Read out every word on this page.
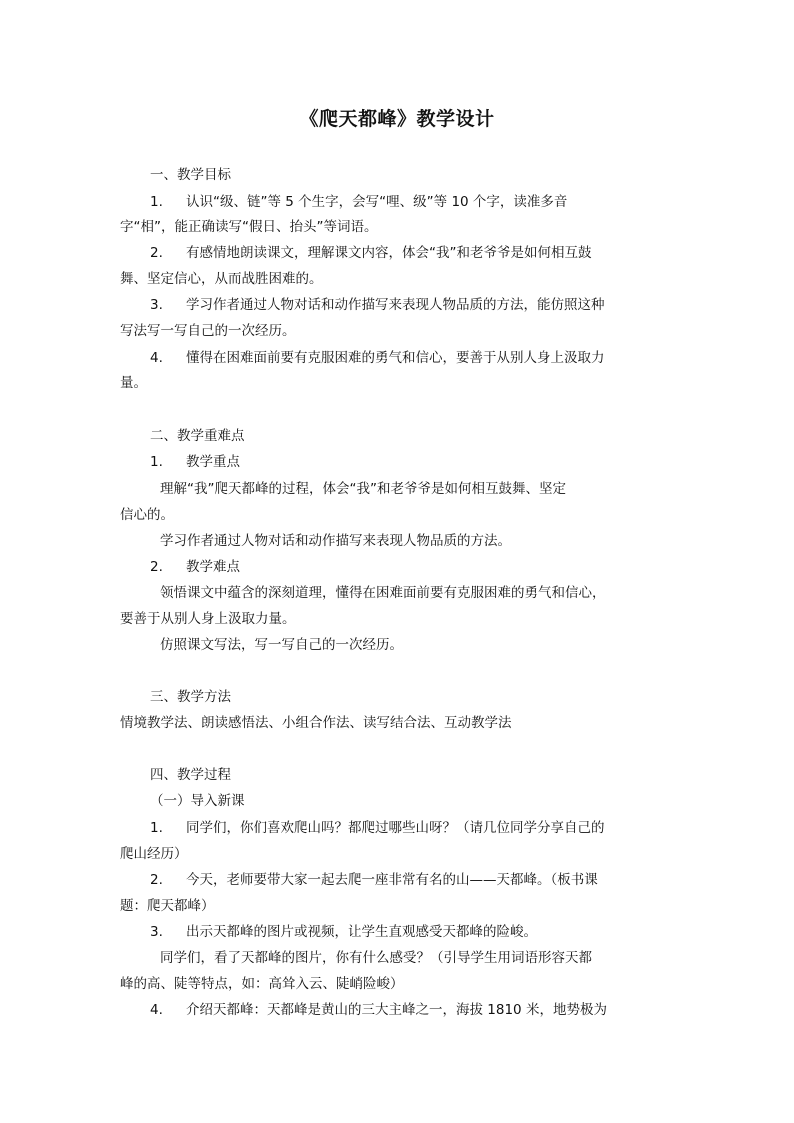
《爬天都峰》教学设计
一、教学目标
1. 认识“级、链”等 5 个生字，会写“哩、级”等 10 个字，读准多音
字“相”，能正确读写“假日、抬头”等词语。
2. 有感情地朗读课文，理解课文内容，体会“我”和老爷爷是如何相互鼓
舞、坚定信心，从而战胜困难的。
3. 学习作者通过人物对话和动作描写来表现人物品质的方法，能仿照这种
写法写一写自己的一次经历。
4. 懂得在困难面前要有克服困难的勇气和信心，要善于从别人身上汲取力
量。
二、教学重难点
1. 教学重点
理解“我”爬天都峰的过程，体会“我”和老爷爷是如何相互鼓舞、坚定
信心的。
学习作者通过人物对话和动作描写来表现人物品质的方法。
2. 教学难点
领悟课文中蕴含的深刻道理，懂得在困难面前要有克服困难的勇气和信心，
要善于从别人身上汲取力量。
仿照课文写法，写一写自己的一次经历。
三、教学方法
情境教学法、朗读感悟法、小组合作法、读写结合法、互动教学法
四、教学过程
（一）导入新课
1. 同学们，你们喜欢爬山吗？都爬过哪些山呀？（请几位同学分享自己的
爬山经历）
2. 今天，老师要带大家一起去爬一座非常有名的山——天都峰。（板书课
题：爬天都峰）
3. 出示天都峰的图片或视频，让学生直观感受天都峰的险峻。
同学们，看了天都峰的图片，你有什么感受？（引导学生用词语形容天都
峰的高、陡等特点，如：高耸入云、陡峭险峻）
4. 介绍天都峰：天都峰是黄山的三大主峰之一，海拔 1810 米，地势极为
